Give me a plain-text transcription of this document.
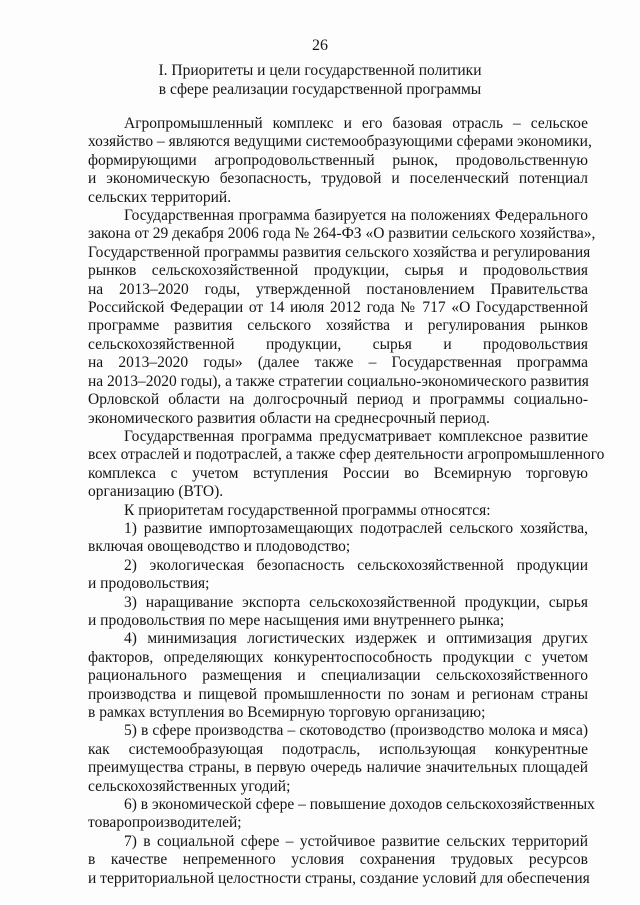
26
I. Приоритеты и цели государственной политики
в сфере реализации государственной программы
Агропромышленный комплекс и его базовая отрасль – сельское
хозяйство – являются ведущими системообразующими сферами экономики,
формирующими агропродовольственный рынок, продовольственную
и экономическую безопасность, трудовой и поселенческий потенциал
сельских территорий.
Государственная программа базируется на положениях Федерального
закона от 29 декабря 2006 года № 264-ФЗ «О развитии сельского хозяйства»,
Государственной программы развития сельского хозяйства и регулирования
рынков сельскохозяйственной продукции, сырья и продовольствия
на 2013–2020 годы, утвержденной постановлением Правительства
Российской Федерации от 14 июля 2012 года № 717 «О Государственной
программе развития сельского хозяйства и регулирования рынков
сельскохозяйственной продукции, сырья и продовольствия
на 2013–2020 годы» (далее также – Государственная программа
на 2013–2020 годы), а также стратегии социально-экономического развития
Орловской области на долгосрочный период и программы социально-
экономического развития области на среднесрочный период.
Государственная программа предусматривает комплексное развитие
всех отраслей и подотраслей, а также сфер деятельности агропромышленного
комплекса с учетом вступления России во Всемирную торговую
организацию (ВТО).
К приоритетам государственной программы относятся:
1) развитие импортозамещающих подотраслей сельского хозяйства,
включая овощеводство и плодоводство;
2) экологическая безопасность сельскохозяйственной продукции
и продовольствия;
3) наращивание экспорта сельскохозяйственной продукции, сырья
и продовольствия по мере насыщения ими внутреннего рынка;
4) минимизация логистических издержек и оптимизация других
факторов, определяющих конкурентоспособность продукции с учетом
рационального размещения и специализации сельскохозяйственного
производства и пищевой промышленности по зонам и регионам страны
в рамках вступления во Всемирную торговую организацию;
5) в сфере производства – скотоводство (производство молока и мяса)
как системообразующая подотрасль, использующая конкурентные
преимущества страны, в первую очередь наличие значительных площадей
сельскохозяйственных угодий;
6) в экономической сфере – повышение доходов сельскохозяйственных
товаропроизводителей;
7) в социальной сфере – устойчивое развитие сельских территорий
в качестве непременного условия сохранения трудовых ресурсов
и территориальной целостности страны, создание условий для обеспечения
